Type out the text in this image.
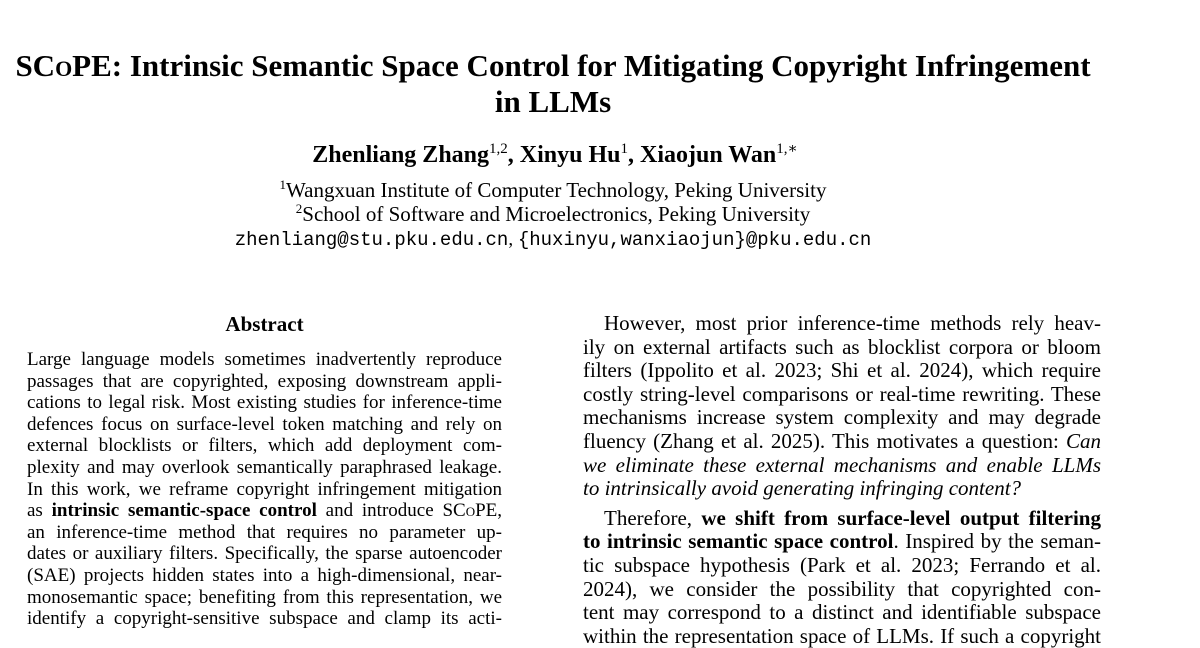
SCoPE: Intrinsic Semantic Space Control for Mitigating Copyright Infringement
in LLMs
Zhenliang Zhang$^{1,2}$, Xinyu Hu$^1$, Xiaojun Wan$^{1,∗}$
$^1$Wangxuan Institute of Computer Technology, Peking University
$^2$School of Software and Microelectronics, Peking University
zhenliang@stu.pku.edu.cn, {huxinyu,wanxiaojun}@pku.edu.cn
Abstract
Large language models sometimes inadvertently reproduce
passages that are copyrighted, exposing downstream appli-
cations to legal risk. Most existing studies for inference-time
defences focus on surface-level token matching and rely on
external blocklists or filters, which add deployment com-
plexity and may overlook semantically paraphrased leakage.
In this work, we reframe copyright infringement mitigation
as intrinsic semantic-space control and introduce SCoPE,
an inference-time method that requires no parameter up-
dates or auxiliary filters. Specifically, the sparse autoencoder
(SAE) projects hidden states into a high-dimensional, near-
monosemantic space; benefiting from this representation, we
identify a copyright-sensitive subspace and clamp its acti-
However, most prior inference-time methods rely heav-
ily on external artifacts such as blocklist corpora or bloom
filters (Ippolito et al. 2023; Shi et al. 2024), which require
costly string-level comparisons or real-time rewriting. These
mechanisms increase system complexity and may degrade
fluency (Zhang et al. 2025). This motivates a question: Can
we eliminate these external mechanisms and enable LLMs
to intrinsically avoid generating infringing content?
Therefore, we shift from surface-level output filtering
to intrinsic semantic space control. Inspired by the seman-
tic subspace hypothesis (Park et al. 2023; Ferrando et al.
2024), we consider the possibility that copyrighted con-
tent may correspond to a distinct and identifiable subspace
within the representation space of LLMs. If such a copyright
